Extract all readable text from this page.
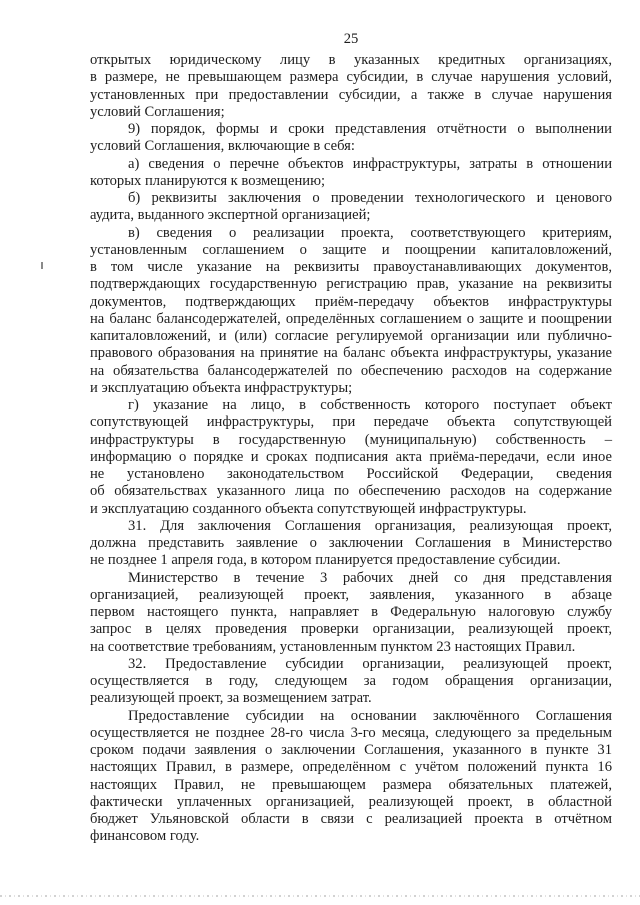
25
открытых юридическому лицу в указанных кредитных организациях,
в размере, не превышающем размера субсидии, в случае нарушения условий,
установленных при предоставлении субсидии, а также в случае нарушения
условий Соглашения;
9) порядок, формы и сроки представления отчётности о выполнении
условий Соглашения, включающие в себя:
а) сведения о перечне объектов инфраструктуры, затраты в отношении
которых планируются к возмещению;
б) реквизиты заключения о проведении технологического и ценового
аудита, выданного экспертной организацией;
в) сведения о реализации проекта, соответствующего критериям,
установленным соглашением о защите и поощрении капиталовложений,
в том числе указание на реквизиты правоустанавливающих документов,
подтверждающих государственную регистрацию прав, указание на реквизиты
документов, подтверждающих приём-передачу объектов инфраструктуры
на баланс балансодержателей, определённых соглашением о защите и поощрении
капиталовложений, и (или) согласие регулируемой организации или публично-
правового образования на принятие на баланс объекта инфраструктуры, указание
на обязательства балансодержателей по обеспечению расходов на содержание
и эксплуатацию объекта инфраструктуры;
г) указание на лицо, в собственность которого поступает объект
сопутствующей инфраструктуры, при передаче объекта сопутствующей
инфраструктуры в государственную (муниципальную) собственность –
информацию о порядке и сроках подписания акта приёма-передачи, если иное
не установлено законодательством Российской Федерации, сведения
об обязательствах указанного лица по обеспечению расходов на содержание
и эксплуатацию созданного объекта сопутствующей инфраструктуры.
31. Для заключения Соглашения организация, реализующая проект,
должна представить заявление о заключении Соглашения в Министерство
не позднее 1 апреля года, в котором планируется предоставление субсидии.
Министерство в течение 3 рабочих дней со дня представления
организацией, реализующей проект, заявления, указанного в абзаце
первом настоящего пункта, направляет в Федеральную налоговую службу
запрос в целях проведения проверки организации, реализующей проект,
на соответствие требованиям, установленным пунктом 23 настоящих Правил.
32. Предоставление субсидии организации, реализующей проект,
осуществляется в году, следующем за годом обращения организации,
реализующей проект, за возмещением затрат.
Предоставление субсидии на основании заключённого Соглашения
осуществляется не позднее 28-го числа 3-го месяца, следующего за предельным
сроком подачи заявления о заключении Соглашения, указанного в пункте 31
настоящих Правил, в размере, определённом с учётом положений пункта 16
настоящих Правил, не превышающем размера обязательных платежей,
фактически уплаченных организацией, реализующей проект, в областной
бюджет Ульяновской области в связи с реализацией проекта в отчётном
финансовом году.
